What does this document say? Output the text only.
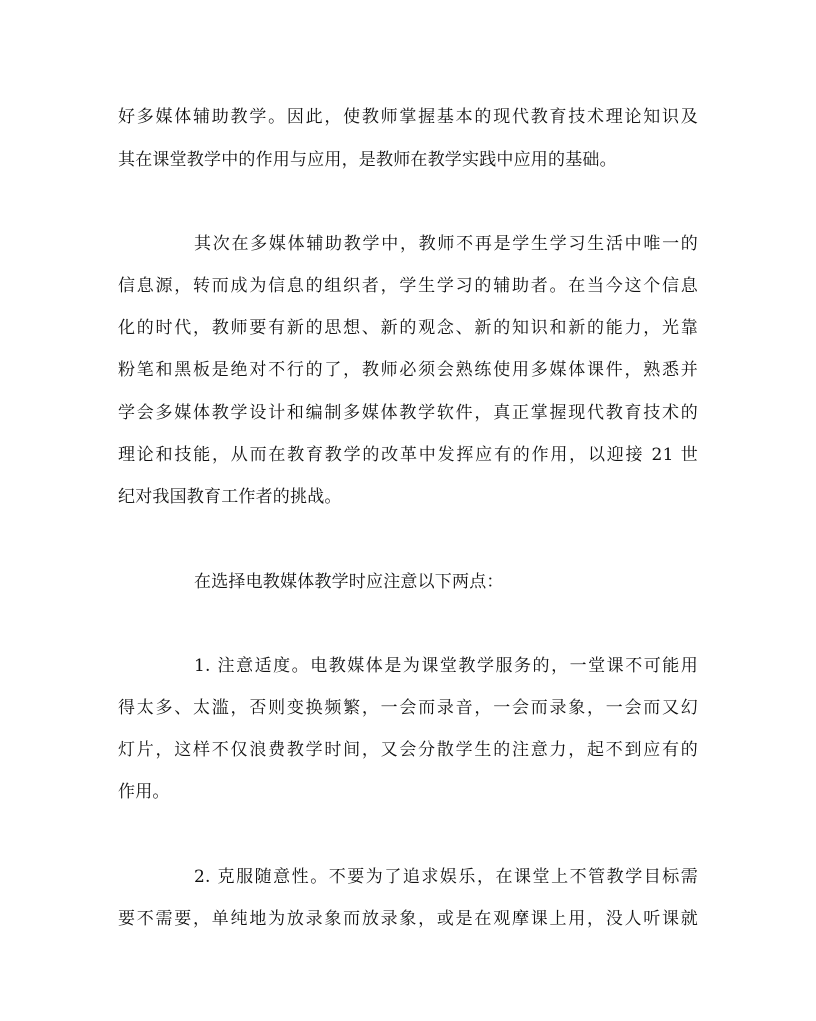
好多媒体辅助教学。因此，使教师掌握基本的现代教育技术理论知识及
其在课堂教学中的作用与应用，是教师在教学实践中应用的基础。
其次在多媒体辅助教学中，教师不再是学生学习生活中唯一的
信息源，转而成为信息的组织者，学生学习的辅助者。在当今这个信息
化的时代，教师要有新的思想、新的观念、新的知识和新的能力，光靠
粉笔和黑板是绝对不行的了，教师必须会熟练使用多媒体课件，熟悉并
学会多媒体教学设计和编制多媒体教学软件，真正掌握现代教育技术的
理论和技能，从而在教育教学的改革中发挥应有的作用，以迎接 21 世
纪对我国教育工作者的挑战。
在选择电教媒体教学时应注意以下两点：
1. 注意适度。电教媒体是为课堂教学服务的，一堂课不可能用
得太多、太滥，否则变换频繁，一会而录音，一会而录象，一会而又幻
灯片，这样不仅浪费教学时间，又会分散学生的注意力，起不到应有的
作用。
2. 克服随意性。不要为了追求娱乐，在课堂上不管教学目标需
要不需要，单纯地为放录象而放录象，或是在观摩课上用，没人听课就
